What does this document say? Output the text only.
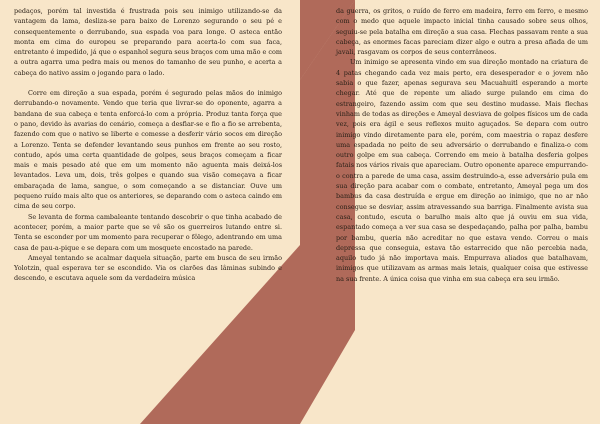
pedaços, porém tal investida é frustrada pois seu inimigo utilizando-se da vantagem da lama, desliza-se para baixo de Lorenzo segurando o seu pé e consequentemente o derrubando, sua espada voa para longe. O asteca então monta em cima do europeu se preparando para acerta-lo com sua faca, entretanto é impedido, já que o espanhol segura seus braços com uma mão e com a outra agarra uma pedra mais ou menos do tamanho de seu punho, e acerta a cabeça do nativo assim o jogando para o lado.

Corre em direção a sua espada, porém é segurado pelas mãos do inimigo derrubando-o novamente. Vendo que teria que livrar-se do oponente, agarra a bandana de sua cabeça e tenta enforcá-lo com a própria. Produz tanta força que o pano, devido às avarias do cenário, começa a desfiar-se e fio a fio se arrebenta, fazendo com que o nativo se liberte e comesse a desferir vário socos em direção a Lorenzo. Tenta se defender levantando seus punhos em frente ao seu rosto, contudo, após uma certa quantidade de golpes, seus braços começam a ficar mais e mais pesado até que em um momento não aguenta mais deixá-los levantados. Leva um, dois, três golpes e quando sua visão começava a ficar embaraçada de lama, sangue, o som começando a se distanciar. Ouve um pequeno ruído mais alto que os anteriores, se deparando com o asteca caindo em cima de seu corpo.

Se levanta de forma cambaleante tentando descobrir o que tinha acabado de acontecer, porém, a maior parte que se vê são os guerreiros lutando entre si. Tenta se esconder por um momento para recuperar o fôlego, adentrando em uma casa de pau-a-pique e se depara com um mosquete encostado na parede.

Ameyal tentando se acalmar daquela situação, parte em busca de seu irmão Yolotzin, qual esperava ter se escondido. Via os clarões das lâminas subindo e descendo, e escutava aquele som da verdadeira música

da guerra, os gritos, o ruído de ferro em madeira, ferro em ferro, e mesmo com o medo que aquele impacto inicial tinha causado sobre seus olhos, seguiu-se pela batalha em direção a sua casa. Flechas passavam rente a sua cabeça, as enormes facas pareciam dizer algo e outra a presa afiada de um javali, rasgavam os corpos de seus conterrâneos.

Um inimigo se apresenta vindo em sua direção montado na criatura de 4 patas chegando cada vez mais perto, era desesperador e o jovem não sabia o que fazer, apenas segurava seu Macuahuitl esperando a morte chegar. Até que de repente um aliado surge pulando em cima do estrangeiro, fazendo assim com que seu destino mudasse. Mais flechas vinham de todas as direções e Ameyal desviava de golpes físicos um de cada vez, pois era ágil e seus reflexos muito aguçados. Se depara com outro inimigo vindo diretamente para ele, porém, com maestria o rapaz desfere uma espadada no peito de seu adversário o derrubando e finaliza-o com outro golpe em sua cabeça. Correndo em meio à batalha desferia golpes fatais nos vários rivais que apareciam. Outro oponente aparece empurrando-o contra a parede de uma casa, assim destruindo-a, esse adversário pula em sua direção para acabar com o combate, entretanto, Ameyal pega um dos bambus da casa destruída e ergue em direção ao inimigo, que no ar não consegue se desviar, assim atravessando sua barriga. Finalmente avista sua casa, contudo, escuta o barulho mais alto que já ouviu em sua vida, espantado começa a ver sua casa se despedaçando, palha por palha, bambu por bambu, queria não acreditar no que estava vendo. Correu o mais depressa que conseguia, estava tão estarrecido que não percebia nada, aquilo tudo já não importava mais. Empurrava aliados que batalhavam, inimigos que utilizavam as armas mais letais, qualquer coisa que estivesse na sua frente. A única coisa que vinha em sua cabeça era seu irmão.
